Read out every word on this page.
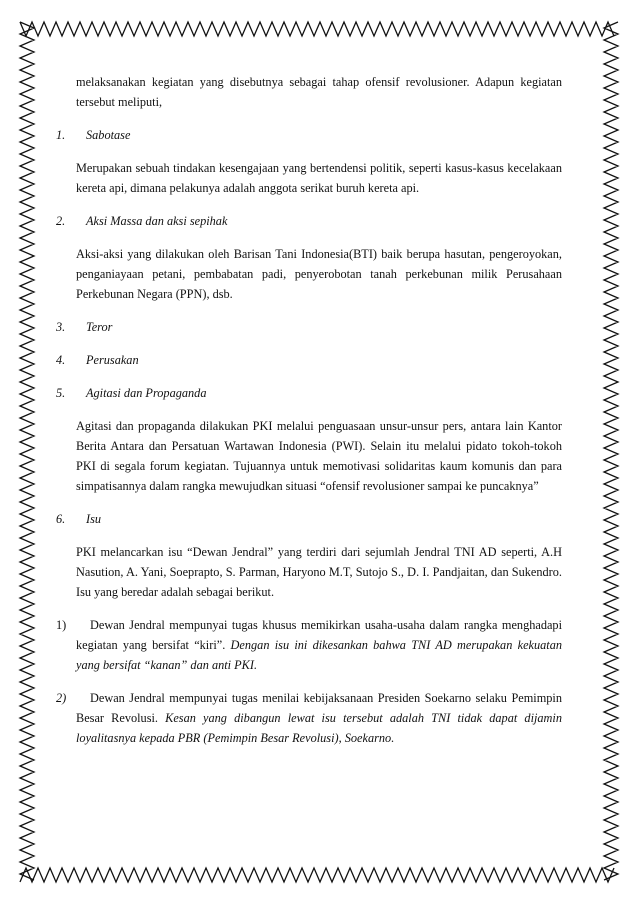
melaksanakan kegiatan yang disebutnya sebagai tahap ofensif revolusioner. Adapun kegiatan tersebut meliputi,

1.	Sabotase

Merupakan sebuah tindakan kesengajaan yang bertendensi politik, seperti kasus-kasus kecelakaan kereta api, dimana pelakunya adalah anggota serikat buruh kereta api.

2.	Aksi Massa dan aksi sepihak

Aksi-aksi yang dilakukan oleh Barisan Tani Indonesia(BTI) baik berupa hasutan, pengeroyokan, penganiayaan petani, pembabatan padi, penyerobotan tanah perkebunan milik Perusahaan Perkebunan Negara (PPN), dsb.

3.	Teror
4.	Perusakan
5.	Agitasi dan Propaganda

Agitasi dan propaganda dilakukan PKI melalui penguasaan unsur-unsur pers, antara lain Kantor Berita Antara dan Persatuan Wartawan Indonesia (PWI). Selain itu melalui pidato tokoh-tokoh PKI di segala forum kegiatan. Tujuannya untuk memotivasi solidaritas kaum komunis dan para simpatisannya dalam rangka mewujudkan situasi “ofensif revolusioner sampai ke puncaknya”

6.	Isu

PKI melancarkan isu “Dewan Jendral” yang terdiri dari sejumlah Jendral TNI AD seperti, A.H Nasution, A. Yani, Soeprapto, S. Parman, Haryono M.T, Sutojo S., D. I. Pandjaitan, dan Sukendro. Isu yang beredar adalah sebagai berikut.

1) Dewan Jendral mempunyai tugas khusus memikirkan usaha-usaha dalam rangka menghadapi kegiatan yang bersifat “kiri”. Dengan isu ini dikesankan bahwa TNI AD merupakan kekuatan yang bersifat “kanan” dan anti PKI.
2) Dewan Jendral mempunyai tugas menilai kebijaksanaan Presiden Soekarno selaku Pemimpin Besar Revolusi. Kesan yang dibangun lewat isu tersebut adalah TNI tidak dapat dijamin loyalitasnya kepada PBR (Pemimpin Besar Revolusi), Soekarno.
